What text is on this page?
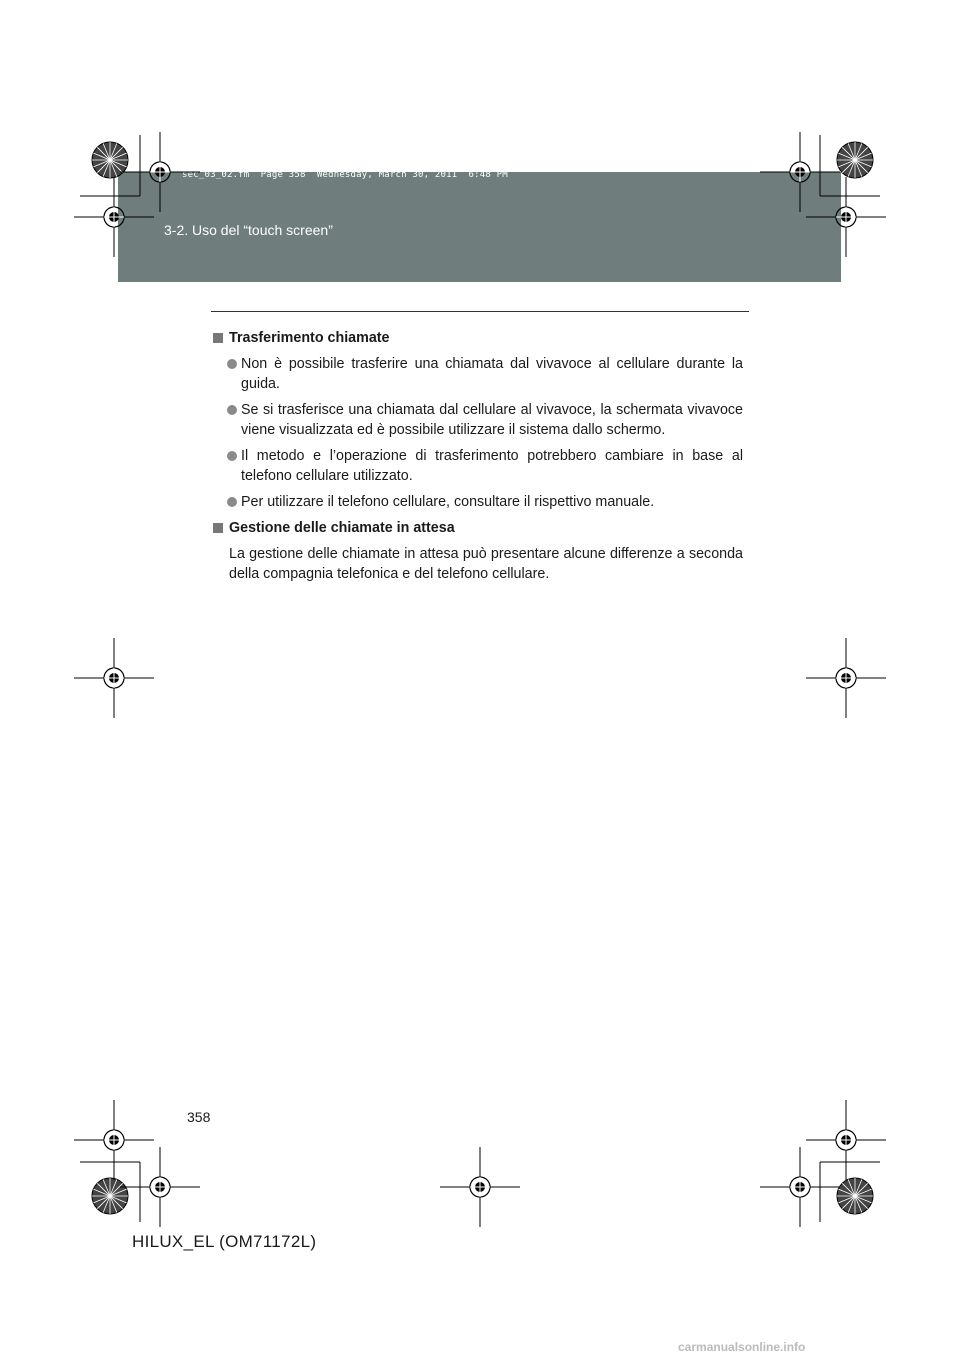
3-2. Uso del “touch screen”
sec_03_02.fm  Page 358  Wednesday, March 30, 2011  6:48 PM
Trasferimento chiamate
Non è possibile trasferire una chiamata dal vivavoce al cellulare durante la guida.
Se si trasferisce una chiamata dal cellulare al vivavoce, la schermata vivavoce viene visualizzata ed è possibile utilizzare il sistema dallo schermo.
Il metodo e l’operazione di trasferimento potrebbero cambiare in base al telefono cellulare utilizzato.
Per utilizzare il telefono cellulare, consultare il rispettivo manuale.
Gestione delle chiamate in attesa
La gestione delle chiamate in attesa può presentare alcune differenze a seconda della compagnia telefonica e del telefono cellulare.
358
HILUX_EL (OM71172L)
carmanualsonline.info
